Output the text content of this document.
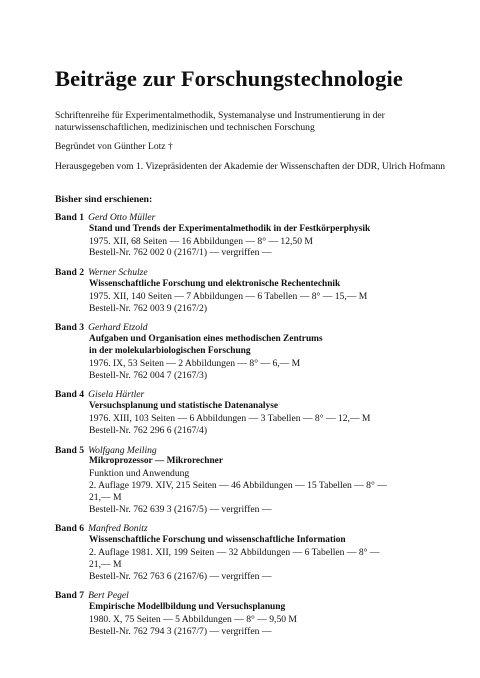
Beiträge zur Forschungstechnologie
Schriftenreihe für Experimentalmethodik, Systemanalyse und Instrumentierung in der naturwissenschaftlichen, medizinischen und technischen Forschung
Begründet von Günther Lotz †
Herausgegeben vom 1. Vizepräsidenten der Akademie der Wissenschaften der DDR, Ulrich Hofmann
Bisher sind erschienen:
Band 1 Gerd Otto Müller
Stand und Trends der Experimentalmethodik in der Festkörperphysik
1975. XII, 68 Seiten — 16 Abbildungen — 8° — 12,50 M
Bestell-Nr. 762 002 0 (2167/1) — vergriffen —
Band 2 Werner Schulze
Wissenschaftliche Forschung und elektronische Rechentechnik
1975. XII, 140 Seiten — 7 Abbildungen — 6 Tabellen — 8° — 15,— M
Bestell-Nr. 762 003 9 (2167/2)
Band 3 Gerhard Etzold
Aufgaben und Organisation eines methodischen Zentrums
in der molekularbiologischen Forschung
1976. IX, 53 Seiten — 2 Abbildungen — 8° — 6,— M
Bestell-Nr. 762 004 7 (2167/3)
Band 4 Gisela Härtler
Versuchsplanung und statistische Datenanalyse
1976. XIII, 103 Seiten — 6 Abbildungen — 3 Tabellen — 8° — 12,— M
Bestell-Nr. 762 296 6 (2167/4)
Band 5 Wolfgang Meiling
Mikroprozessor — Mikrorechner
Funktion und Anwendung
2. Auflage 1979. XIV, 215 Seiten — 46 Abbildungen — 15 Tabellen — 8° —
21,— M
Bestell-Nr. 762 639 3 (2167/5) — vergriffen —
Band 6 Manfred Bonitz
Wissenschaftliche Forschung und wissenschaftliche Information
2. Auflage 1981. XII, 199 Seiten — 32 Abbildungen — 6 Tabellen — 8° —
21,— M
Bestell-Nr. 762 763 6 (2167/6) — vergriffen —
Band 7 Bert Pegel
Empirische Modellbildung und Versuchsplanung
1980. X, 75 Seiten — 5 Abbildungen — 8° — 9,50 M
Bestell-Nr. 762 794 3 (2167/7) — vergriffen —
